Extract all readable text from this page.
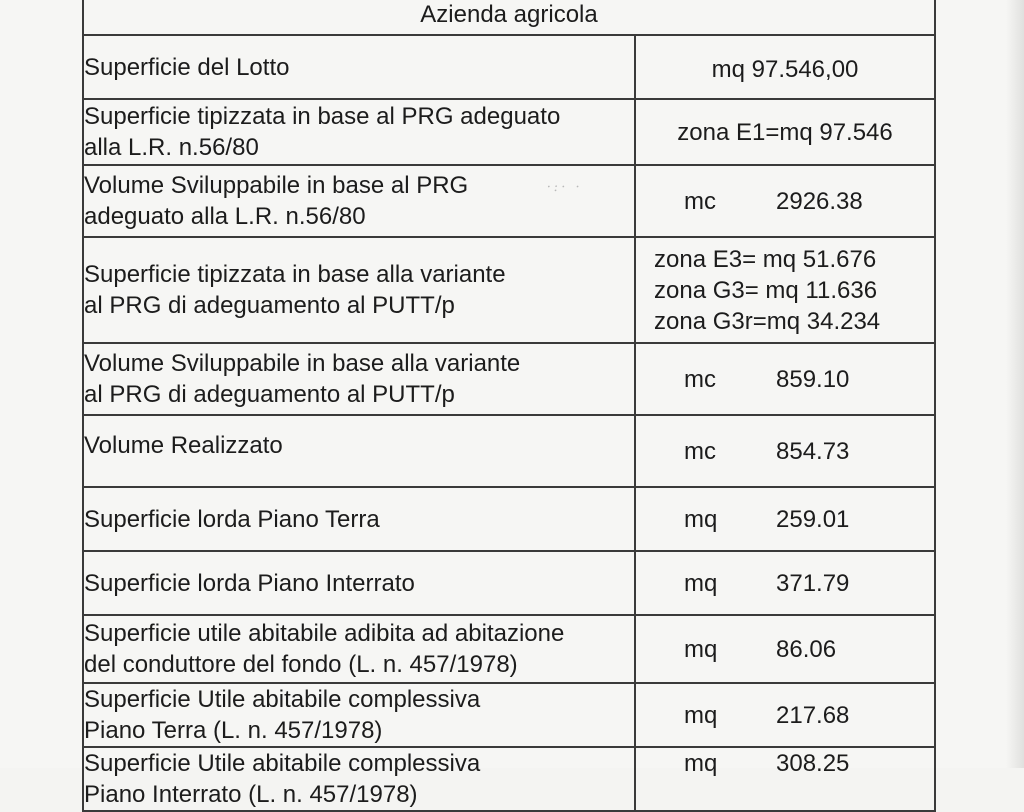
Azienda agricola	

Superficie del Lotto	mq 97.546,00

Superficie tipizzata in base al PRG adeguato
alla L.R. n.56/80	zona E1=mq 97.546

Volume Sviluppabile in base al PRG
adeguato alla L.R. n.56/80	mc 2926.38

Superficie tipizzata in base alla variante
al PRG di adeguamento al PUTT/p	zona E3= mq 51.676
zona G3= mq 11.636
zona G3r=mq 34.234

Volume Sviluppabile in base alla variante
al PRG di adeguamento al PUTT/p	mc 859.10

Volume Realizzato	mc 854.73

Superficie lorda Piano Terra	mq 259.01

Superficie lorda Piano Interrato	mq 371.79

Superficie utile abitabile adibita ad abitazione
del conduttore del fondo (L. n. 457/1978)	mq 86.06

Superficie Utile abitabile complessiva
Piano Terra (L. n. 457/1978)	mq 217.68

Superficie Utile abitabile complessiva
Piano Interrato (L. n. 457/1978)	mq 308.25
·:· ·
